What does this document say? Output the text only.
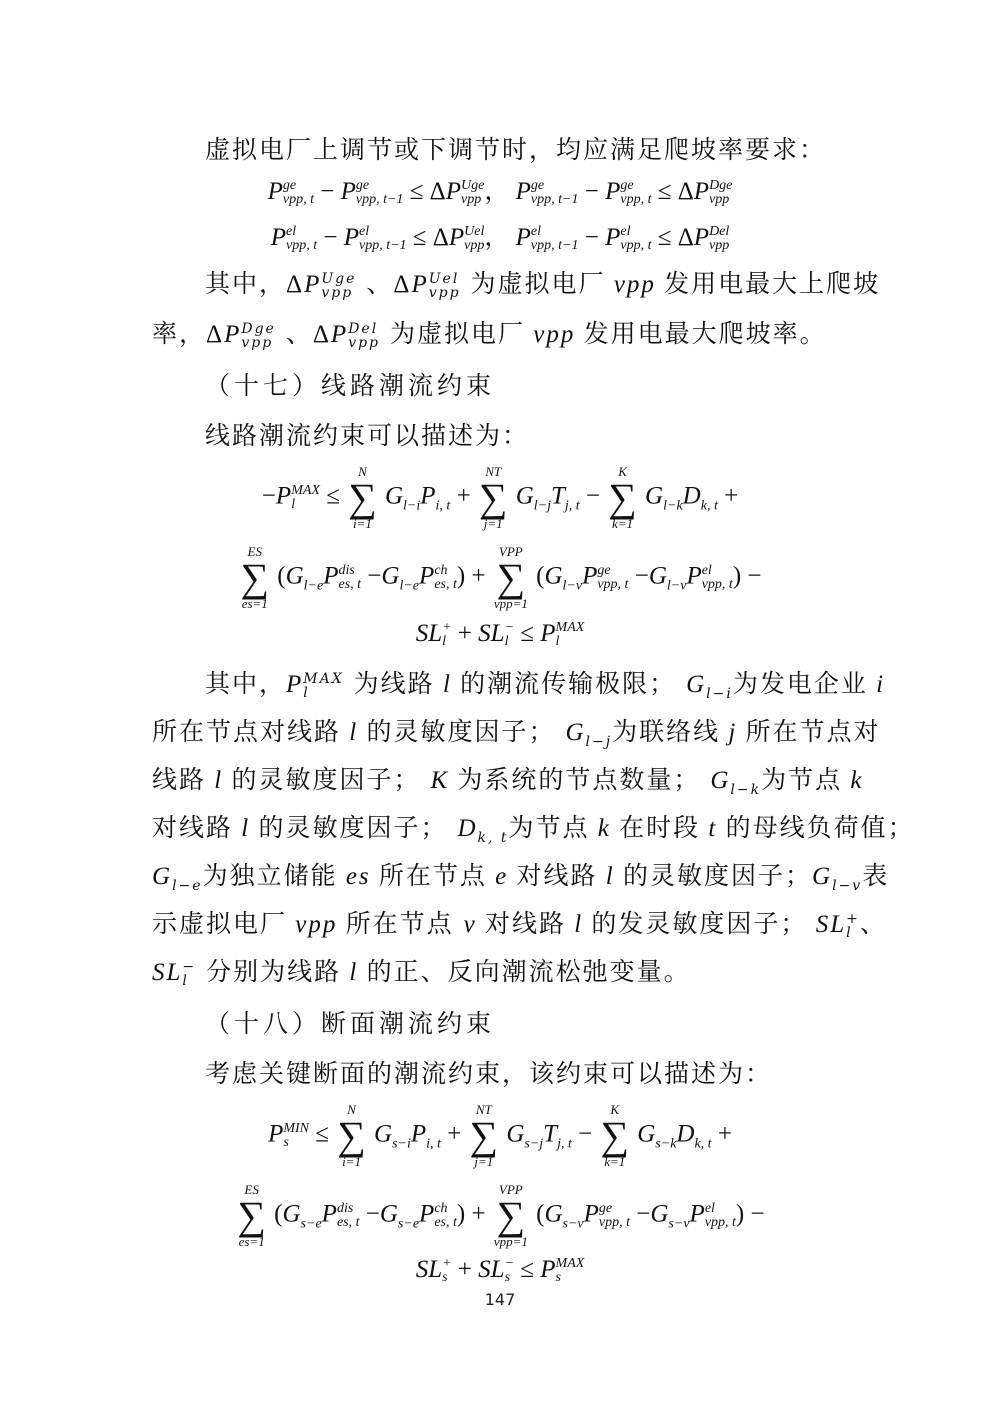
虚拟电厂上调节或下调节时，均应满足爬坡率要求：
P ge
vpp, t − P ge
vpp, t−1 ≤ ΔP Uge
vpp ， P ge
vpp, t−1 − P ge
vpp, t ≤ ΔP Dge
vpp
P el
vpp, t − P el
vpp, t−1 ≤ ΔP Uel
vpp ， P el
vpp, t−1 − P el
vpp, t ≤ ΔP Del
vpp
其中，ΔP Uge
vpp 、ΔP Uel
vpp 为虚拟电厂 vpp 发用电最大上爬坡
率，ΔP Dge
vpp 、ΔP Del
vpp 为虚拟电厂 vpp 发用电最大爬坡率。
（十七）线路潮流约束
线路潮流约束可以描述为：
−P MAX
l	≤
N
∑
i=1
$G_{l-i}P_{i, t}$ +
NT
∑
j=1
$G_{l-j}T_{j, t}$ −
K
∑
k=1
$G_{l-k}D_{k, t}$ +
ES
∑
es=1
($G_{l-e}P$ dis
es, $t -G_{l-e}P$ ch
es, t ) +
VPP
∑
vpp=1
($G_{l-v}P$ ge
vpp, $t -G_{l-v}P$ el
vpp, t ) −
SL +
l + SL −
l ≤ P MAX
l
其中，P MAX
l	为线路 l 的潮流传输极限； $G_{l-i}$为发电企业 i
所在节点对线路 l 的灵敏度因子； $G_{l-j}$为联络线 j 所在节点对
线路 l 的灵敏度因子； K 为系统的节点数量； $G_{l-k}$为节点 k
对线路 l 的灵敏度因子； $D_{k, t}$为节点 k 在时段 t 的母线负荷值；
$G_{l-e}$为独立储能 es 所在节点 e 对线路 l 的灵敏度因子；$G_{l-v}$表
示虚拟电厂 vpp 所在节点 v 对线路 l 的发灵敏度因子； SL +
l 、
SL −
l 分别为线路 l 的正、反向潮流松弛变量。
（十八）断面潮流约束
考虑关键断面的潮流约束，该约束可以描述为：
P MIN
s	≤
N
∑
i=1
$G_{s-i}P_{i, t}$ +
NT
∑
j=1
$G_{s-j}T_{j, t}$ −
K
∑
k=1
$G_{s-k}D_{k, t}$ +
ES
∑
es=1
($G_{s-e}P$ dis
es, $t -G_{s-e}P$ ch
es, t ) +
VPP
∑
vpp=1
($G_{s-v}P$ ge
vpp, $t -G_{s-v}P$ el
vpp, t ) −
SL +
s + SL −
s ≤ P MAX
s
147
